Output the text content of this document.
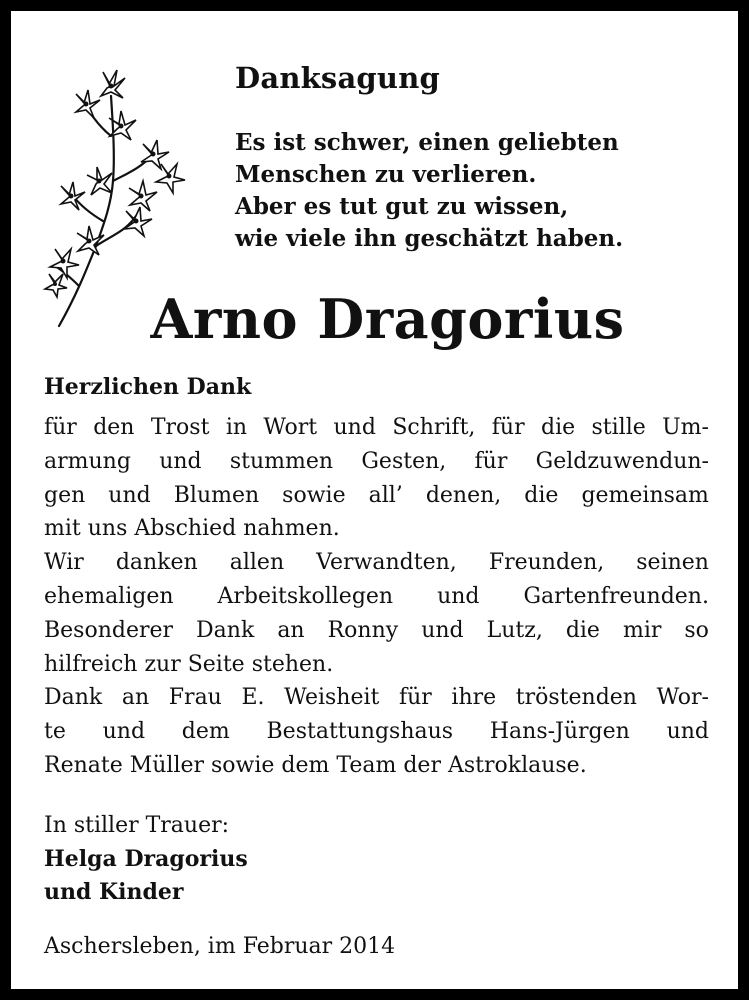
Danksagung
Es ist schwer, einen geliebten
Menschen zu verlieren.
Aber es tut gut zu wissen,
wie viele ihn geschätzt haben.
Arno Dragorius
Herzlichen Dank
für den Trost in Wort und Schrift, für die stille Um-
armung und stummen Gesten, für Geldzuwendun-
gen und Blumen sowie all’ denen, die gemeinsam
mit uns Abschied nahmen.
Wir danken allen Verwandten, Freunden, seinen
ehemaligen Arbeitskollegen und Gartenfreunden.
Besonderer Dank an Ronny und Lutz, die mir so
hilfreich zur Seite stehen.
Dank an Frau E. Weisheit für ihre tröstenden Wor-
te und dem Bestattungshaus Hans-Jürgen und
Renate Müller sowie dem Team der Astroklause.
In stiller Trauer:
Helga Dragorius
und Kinder
Aschersleben, im Februar 2014
